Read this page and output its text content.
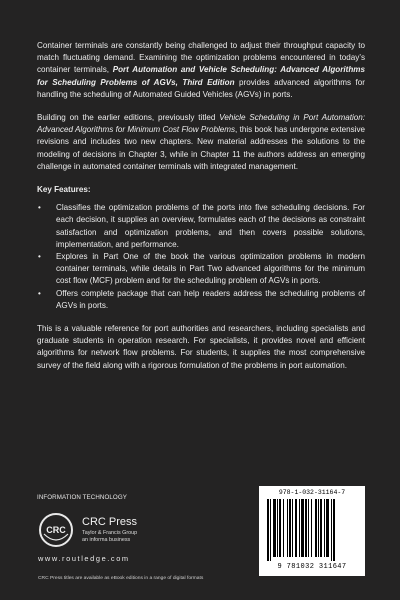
Container terminals are constantly being challenged to adjust their throughput capacity to match fluctuating demand. Examining the optimization problems encountered in today’s container terminals, Port Automation and Vehicle Scheduling: Advanced Algorithms for Scheduling Problems of AGVs, Third Edition provides advanced algorithms for handling the scheduling of Automated Guided Vehicles (AGVs) in ports.

Building on the earlier editions, previously titled Vehicle Scheduling in Port Automation: Advanced Algorithms for Minimum Cost Flow Problems, this book has undergone extensive revisions and includes two new chapters. New material addresses the solutions to the modeling of decisions in Chapter 3, while in Chapter 11 the authors address an emerging challenge in automated container terminals with integrated management.

Key Features:

• Classifies the optimization problems of the ports into five scheduling decisions. For each decision, it supplies an overview, formulates each of the decisions as constraint satisfaction and optimization problems, and then covers possible solutions, implementation, and performance.
• Explores in Part One of the book the various optimization problems in modern container terminals, while details in Part Two advanced algorithms for the minimum cost flow (MCF) problem and for the scheduling problem of AGVs in ports.
• Offers complete package that can help readers address the scheduling problems of AGVs in ports.

This is a valuable reference for port authorities and researchers, including specialists and graduate students in operation research. For specialists, it provides novel and efficient algorithms for network flow problems. For students, it supplies the most comprehensive survey of the field along with a rigorous formulation of the problems in port automation.

INFORMATION TECHNOLOGY
CRC
CRC Press
Taylor & Francis Group
an informa business
www.routledge.com
CRC Press titles are available as eBook editions in a range of digital formats
978-1-032-31164-7
9 781032 311647
